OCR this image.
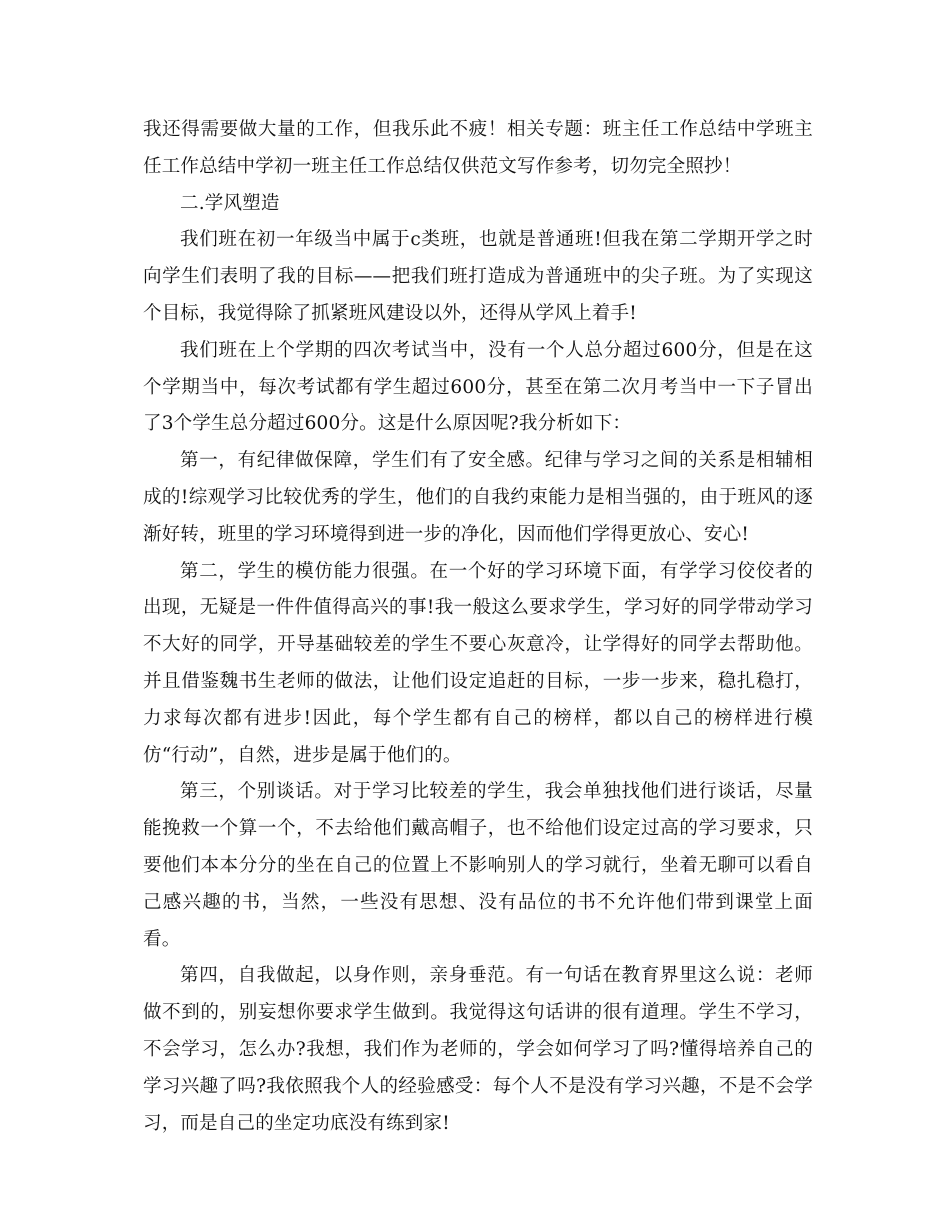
我还得需要做大量的工作，但我乐此不疲！相关专题：班主任工作总结中学班主任工作总结中学初一班主任工作总结仅供范文写作参考，切勿完全照抄！

二.学风塑造

我们班在初一年级当中属于c类班，也就是普通班!但我在第二学期开学之时向学生们表明了我的目标——把我们班打造成为普通班中的尖子班。为了实现这个目标，我觉得除了抓紧班风建设以外，还得从学风上着手!

我们班在上个学期的四次考试当中，没有一个人总分超过600分，但是在这个学期当中，每次考试都有学生超过600分，甚至在第二次月考当中一下子冒出了3个学生总分超过600分。这是什么原因呢?我分析如下：

第一，有纪律做保障，学生们有了安全感。纪律与学习之间的关系是相辅相成的!综观学习比较优秀的学生，他们的自我约束能力是相当强的，由于班风的逐渐好转，班里的学习环境得到进一步的净化，因而他们学得更放心、安心!

第二，学生的模仿能力很强。在一个好的学习环境下面，有学学习佼佼者的出现，无疑是一件件值得高兴的事!我一般这么要求学生，学习好的同学带动学习不大好的同学，开导基础较差的学生不要心灰意冷，让学得好的同学去帮助他。并且借鉴魏书生老师的做法，让他们设定追赶的目标，一步一步来，稳扎稳打，力求每次都有进步!因此，每个学生都有自己的榜样，都以自己的榜样进行模仿“行动”，自然，进步是属于他们的。

第三，个别谈话。对于学习比较差的学生，我会单独找他们进行谈话，尽量能挽救一个算一个，不去给他们戴高帽子，也不给他们设定过高的学习要求，只要他们本本分分的坐在自己的位置上不影响别人的学习就行，坐着无聊可以看自己感兴趣的书，当然，一些没有思想、没有品位的书不允许他们带到课堂上面看。

第四，自我做起，以身作则，亲身垂范。有一句话在教育界里这么说：老师做不到的，别妄想你要求学生做到。我觉得这句话讲的很有道理。学生不学习，不会学习，怎么办?我想，我们作为老师的，学会如何学习了吗?懂得培养自己的学习兴趣了吗?我依照我个人的经验感受：每个人不是没有学习兴趣，不是不会学习，而是自己的坐定功底没有练到家!
